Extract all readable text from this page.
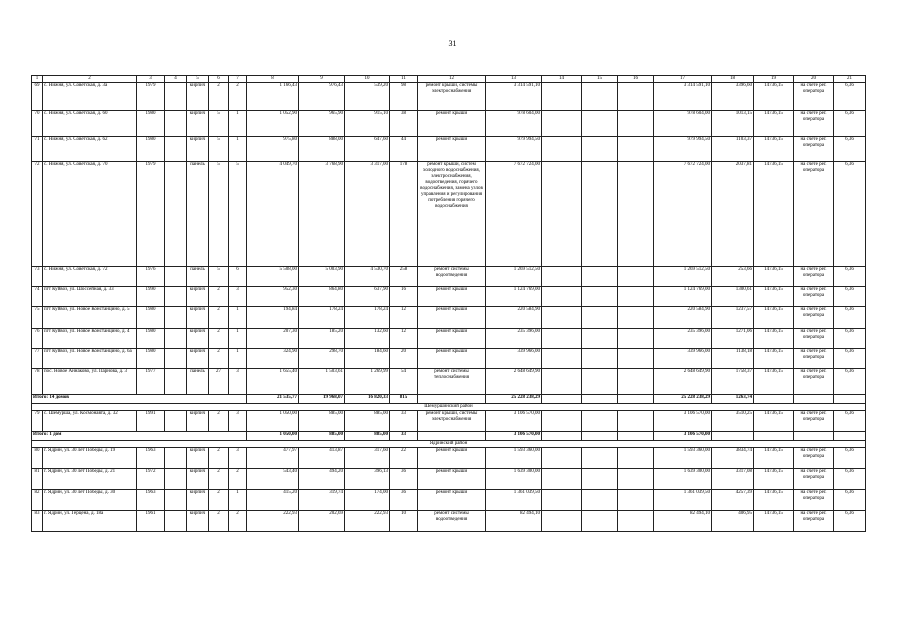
31
1	2	3	4	5	6	7	8	9	10	11	12	13	14	15	16	17	18	19	20	21
69	с. Нижня, ул. Советская, д. 3а	1979		кирпич	2	2	1 166,43	976,43	539,20	98	ремонт крыши, системы электроснабжения	3 314 591,10				3 314 591,10	3396,60	14736,15	на счете рег. оператора	6,36
70	с. Нижня, ул. Советская, д. 60	1980		кирпич	5	1	1 052,90	965,90	915,10	38	ремонт крыши	978 604,00				978 604,00	1013,15	14736,15	на счете рег. оператора	6,36
71	с. Нижня, ул. Советская, д. 62	1980		кирпич	5	1	975,80	888,00	647,60	44	ремонт крыши	979 994,50				979 994,50	1103,37	14736,15	на счете рег. оператора	6,36
72	с. Нижня, ул. Советская, д. 70	1979		панель	5	5	4 049,70	3 768,90	3 317,00	178	ремонт крыши, систем холодного водоснабжения, электроснабжения, водоотведения, горячего водоснабжения, замена узлов управления и регулирования потребления горячего водоснабжения	7 672 724,00				7 672 724,00	2037,81	14736,15	на счете рег. оператора	6,36
73	с. Нижня, ул. Советская, д. 72	1976		панель	5	6	5 508,00	5 003,90	4 530,70	258	ремонт системы водоотведения	1 269 512,50				1 269 512,50	253,66	14736,15	на счете рег. оператора	6,36
74	пгт Куйвоз, ул. Шоссейная, д. 33	1990		кирпич	2	3	952,30	864,80	637,90	16	ремонт крыши	1 124 769,00				1 124 769,00	1300,61	14736,15	на счете рег. оператора	6,36
75	пгт Куйвоз, ул. Новое Констанцино, д. 5	1980		кирпич	2	1	194,84	178,24	178,24	12	ремонт крыши	220 584,90				220 584,90	1237,57	14736,15	на счете рег. оператора	6,36
76	пгт Куйвоз, ул. Новое Констанцино, д. 4	1980		кирпич	2	1	207,30	185,20	132,60	12	ремонт крыши	235 396,00				235 396,00	1271,06	14736,15	на счете рег. оператора	6,36
77	пгт Куйвоз, ул. Новое Констанцино, д. 6а	1980		кирпич	2	1	324,90	298,70	184,60	20	ремонт крыши	339 966,00				339 966,00	1138,18	14736,15	на счете рег. оператора	6,36
78	пос. Новое Аннаково, ул. Парнова, д. 3	1977		панель	27	3	1 655,40	1 503,61	1 269,99	54	ремонт системы теплоснабжения	2 648 649,90				2 648 649,90	1758,37	14736,15	на счете рег. оператора	6,36
Итого: 14 домов							21 535,77	19 968,07	16 820,33	815		25 228 238,29				25 228 238,29	1263,74			
Шемуршинский район																				
79	с. Шемурша, ул. Космонавта, д. 32	1991		кирпич	2	3	1 050,00	885,00	885,00	33	ремонт крыши, системы электроснабжения	3 106 570,00				3 106 570,00	3510,25	14736,15	на счете рег. оператора	6,36
Итого: 1 дом							1 050,00	885,00	885,00	33		3 106 570,00				3 106 570,00				
Ядринский район																				
80	г. Ядрин, ул. 30 лет Победы, д. 19	1963		кирпич	2	3	477,97	413,87	317,60	22	ремонт крыши	1 593 360,00				1 593 360,00	3834,74	14736,15	на счете рег. оператора	6,36
81	г. Ядрин, ул. 30 лет Победы, д. 21	1972		кирпич	2	2	543,40	494,20	396,13	36	ремонт крыши	1 639 300,00				1 639 300,00	3317,08	14736,15	на счете рег. оператора	6,36
82	г. Ядрин, ул. 30 лет Победы, д. 30	1963		кирпич	2	1	415,20	319,74	174,00	36	ремонт крыши	1 361 039,50				1 361 039,50	4257,39	14736,15	на счете рег. оператора	6,36
83	г. Ядрин, ул. Герцена, д. 18а	1961		кирпич	2	2	222,93	202,69	222,93	10	ремонт системы водоотведения	82 494,10				82 494,10	406,95	14736,15	на счете рег. оператора	6,36
